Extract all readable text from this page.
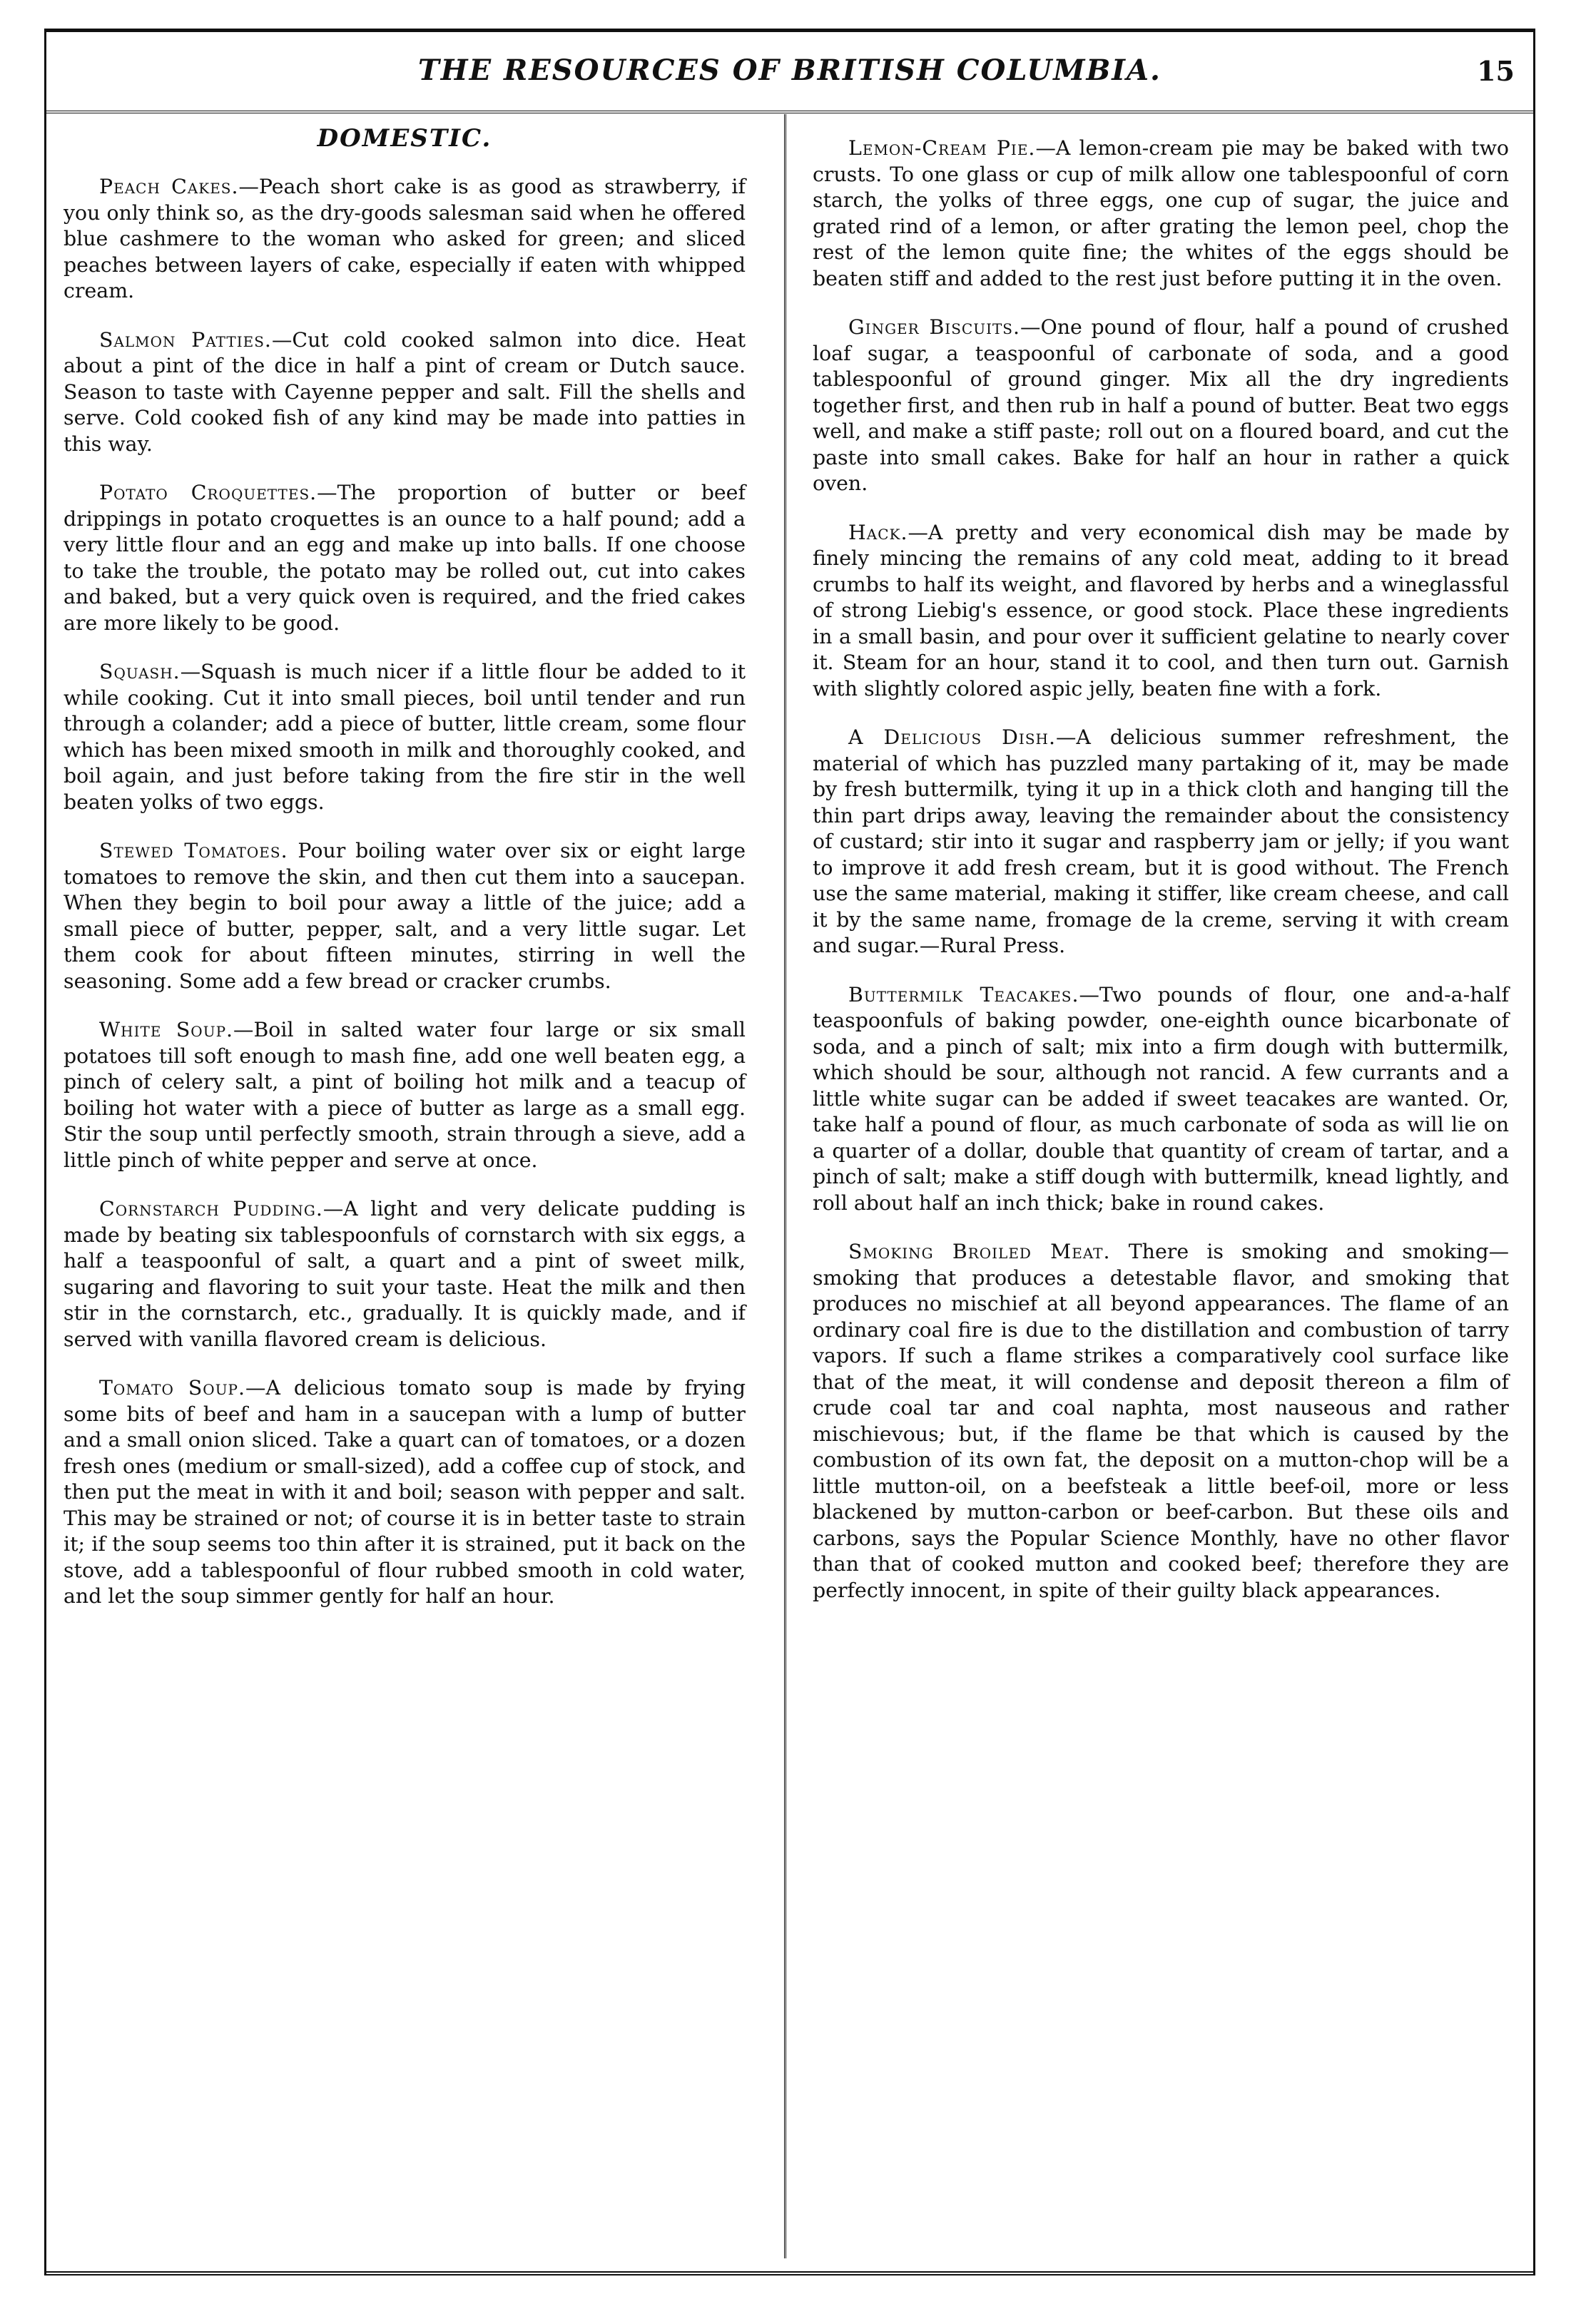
THE RESOURCES OF BRITISH COLUMBIA.	15
DOMESTIC.

Peach Cakes.—Peach short cake is as good as strawberry, if you only think so, as the dry-goods salesman said when he offered blue cashmere to the woman who asked for green; and sliced peaches between layers of cake, especially if eaten with whipped cream.

Salmon Patties.—Cut cold cooked salmon into dice. Heat about a pint of the dice in half a pint of cream or Dutch sauce. Season to taste with Cayenne pepper and salt. Fill the shells and serve. Cold cooked fish of any kind may be made into patties in this way.

Potato Croquettes.—The proportion of butter or beef drippings in potato croquettes is an ounce to a half pound; add a very little flour and an egg and make up into balls. If one choose to take the trouble, the potato may be rolled out, cut into cakes and baked, but a very quick oven is required, and the fried cakes are more likely to be good.

Squash.—Squash is much nicer if a little flour be added to it while cooking. Cut it into small pieces, boil until tender and run through a colander; add a piece of butter, little cream, some flour which has been mixed smooth in milk and thoroughly cooked, and boil again, and just before taking from the fire stir in the well beaten yolks of two eggs.

Stewed Tomatoes. Pour boiling water over six or eight large tomatoes to remove the skin, and then cut them into a saucepan. When they begin to boil pour away a little of the juice; add a small piece of butter, pepper, salt, and a very little sugar. Let them cook for about fifteen minutes, stirring in well the seasoning. Some add a few bread or cracker crumbs.

White Soup.—Boil in salted water four large or six small potatoes till soft enough to mash fine, add one well beaten egg, a pinch of celery salt, a pint of boiling hot milk and a teacup of boiling hot water with a piece of butter as large as a small egg. Stir the soup until perfectly smooth, strain through a sieve, add a little pinch of white pepper and serve at once.

Cornstarch Pudding.—A light and very delicate pudding is made by beating six tablespoonfuls of cornstarch with six eggs, a half a teaspoonful of salt, a quart and a pint of sweet milk, sugaring and flavoring to suit your taste. Heat the milk and then stir in the cornstarch, etc., gradually. It is quickly made, and if served with vanilla flavored cream is delicious.

Tomato Soup.—A delicious tomato soup is made by frying some bits of beef and ham in a saucepan with a lump of butter and a small onion sliced. Take a quart can of tomatoes, or a dozen fresh ones (medium or small-sized), add a coffee cup of stock, and then put the meat in with it and boil; season with pepper and salt. This may be strained or not; of course it is in better taste to strain it; if the soup seems too thin after it is strained, put it back on the stove, add a tablespoonful of flour rubbed smooth in cold water, and let the soup simmer gently for half an hour.

Lemon-Cream Pie.—A lemon-cream pie may be baked with two crusts. To one glass or cup of milk allow one tablespoonful of corn starch, the yolks of three eggs, one cup of sugar, the juice and grated rind of a lemon, or after grating the lemon peel, chop the rest of the lemon quite fine; the whites of the eggs should be beaten stiff and added to the rest just before putting it in the oven.

Ginger Biscuits.—One pound of flour, half a pound of crushed loaf sugar, a teaspoonful of carbonate of soda, and a good tablespoonful of ground ginger. Mix all the dry ingredients together first, and then rub in half a pound of butter. Beat two eggs well, and make a stiff paste; roll out on a floured board, and cut the paste into small cakes. Bake for half an hour in rather a quick oven.

Hack.—A pretty and very economical dish may be made by finely mincing the remains of any cold meat, adding to it bread crumbs to half its weight, and flavored by herbs and a wineglassful of strong Liebig's essence, or good stock. Place these ingredients in a small basin, and pour over it sufficient gelatine to nearly cover it. Steam for an hour, stand it to cool, and then turn out. Garnish with slightly colored aspic jelly, beaten fine with a fork.

A Delicious Dish.—A delicious summer refreshment, the material of which has puzzled many partaking of it, may be made by fresh buttermilk, tying it up in a thick cloth and hanging till the thin part drips away, leaving the remainder about the consistency of custard; stir into it sugar and raspberry jam or jelly; if you want to improve it add fresh cream, but it is good without. The French use the same material, making it stiffer, like cream cheese, and call it by the same name, fromage de la creme, serving it with cream and sugar.—Rural Press.

Buttermilk Teacakes.—Two pounds of flour, one and-a-half teaspoonfuls of baking powder, one-eighth ounce bicarbonate of soda, and a pinch of salt; mix into a firm dough with buttermilk, which should be sour, although not rancid. A few currants and a little white sugar can be added if sweet teacakes are wanted. Or, take half a pound of flour, as much carbonate of soda as will lie on a quarter of a dollar, double that quantity of cream of tartar, and a pinch of salt; make a stiff dough with buttermilk, knead lightly, and roll about half an inch thick; bake in round cakes.

Smoking Broiled Meat. There is smoking and smoking—smoking that produces a detestable flavor, and smoking that produces no mischief at all beyond appearances. The flame of an ordinary coal fire is due to the distillation and combustion of tarry vapors. If such a flame strikes a comparatively cool surface like that of the meat, it will condense and deposit thereon a film of crude coal tar and coal naphta, most nauseous and rather mischievous; but, if the flame be that which is caused by the combustion of its own fat, the deposit on a mutton-chop will be a little mutton-oil, on a beefsteak a little beef-oil, more or less blackened by mutton-carbon or beef-carbon. But these oils and carbons, says the Popular Science Monthly, have no other flavor than that of cooked mutton and cooked beef; therefore they are perfectly innocent, in spite of their guilty black appearances.
